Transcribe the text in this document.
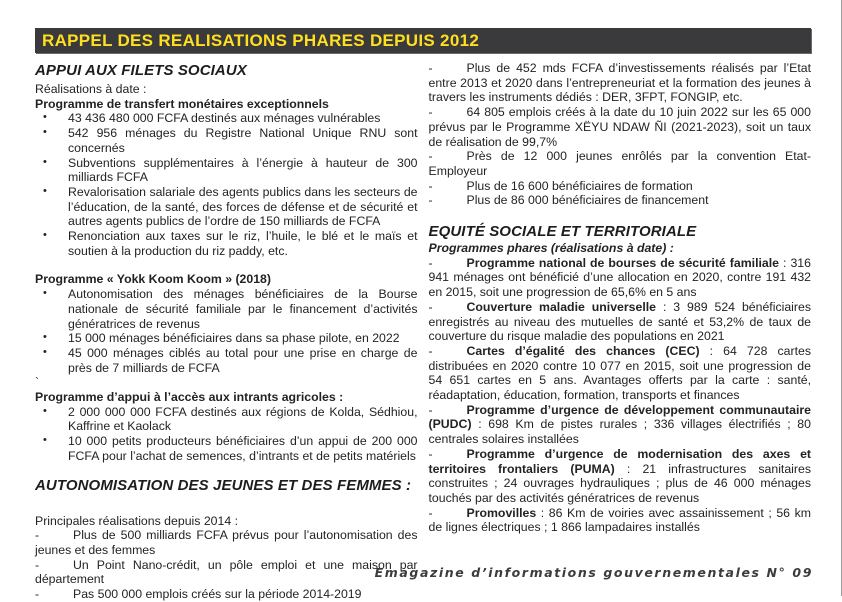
RAPPEL DES REALISATIONS PHARES DEPUIS 2012
APPUI AUX FILETS SOCIAUX
Réalisations à date :
Programme de transfert monétaires exceptionnels
• 43 436 480 000 FCFA destinés aux ménages vulnérables
• 542 956 ménages du Registre National Unique RNU sont concernés
• Subventions supplémentaires à l’énergie à hauteur de 300 milliards FCFA
• Revalorisation salariale des agents publics dans les secteurs de l’éducation, de la santé, des forces de défense et de sécurité et autres agents publics de l’ordre de 150 milliards de FCFA
• Renonciation aux taxes sur le riz, l’huile, le blé et le maïs et soutien à la production du riz paddy, etc.
Programme « Yokk Koom Koom » (2018)
• Autonomisation des ménages bénéficiaires de la Bourse nationale de sécurité familiale par le financement d’activités génératrices de revenus
• 15 000 ménages bénéficiaires dans sa phase pilote, en 2022
• 45 000 ménages ciblés au total pour une prise en charge de près de 7 milliards de FCFA
`
Programme d’appui à l’accès aux intrants agricoles :
• 2 000 000 000 FCFA destinés aux régions de Kolda, Sédhiou, Kaffrine et Kaolack
• 10 000 petits producteurs bénéficiaires d’un appui de 200 000 FCFA pour l’achat de semences, d’intrants et de petits matériels
AUTONOMISATION DES JEUNES ET DES FEMMES :
Principales réalisations depuis 2014 :

-	Plus de 500 milliards FCFA prévus pour l’autonomisation des jeunes et des femmes

-	Un Point Nano-crédit, un pôle emploi et une maison par département

-	Pas 500 000 emplois créés sur la période 2014-2019

-	Plus de 452 mds FCFA d’investissements réalisés par l’Etat entre 2013 et 2020 dans l’entrepreneuriat et la formation des jeunes à travers les instruments dédiés : DER, 3FPT, FONGIP, etc.

-	64 805 emplois créés à la date du 10 juin 2022 sur les 65 000 prévus par le Programme XËYU NDAW ÑI (2021-2023), soit un taux de réalisation de 99,7%

-	Près de 12 000 jeunes enrôlés par la convention Etat-Employeur

-	Plus de 16 600 bénéficiaires de formation

-	Plus de 86 000 bénéficiaires de financement

EQUITÉ SOCIALE ET TERRITORIALE
Programmes phares (réalisations à date) :

-	Programme national de bourses de sécurité familiale : 316 941 ménages ont bénéficié d’une allocation en 2020, contre 191 432 en 2015, soit une progression de 65,6% en 5 ans

-	Couverture maladie universelle : 3 989 524 bénéficiaires enregistrés au niveau des mutuelles de santé et 53,2% de taux de couverture du risque maladie des populations en 2021

-	Cartes d’égalité des chances (CEC) : 64 728 cartes distribuées en 2020 contre 10 077 en 2015, soit une progression de 54 651 cartes en 5 ans. Avantages offerts par la carte : santé, réadaptation, éducation, formation, transports et finances

-	Programme d’urgence de développement communautaire (PUDC) : 698 Km de pistes rurales ; 336 villages électrifiés ; 80 centrales solaires installées

-	Programme d’urgence de modernisation des axes et territoires frontaliers (PUMA) : 21 infrastructures sanitaires construites ; 24 ouvrages hydrauliques ; plus de 46 000 ménages touchés par des activités génératrices de revenus

-	Promovilles : 86 Km de voiries avec assainissement ; 56 km de lignes électriques ; 1 866 lampadaires installés

Emagazine d’informations gouvernementales N° 09
